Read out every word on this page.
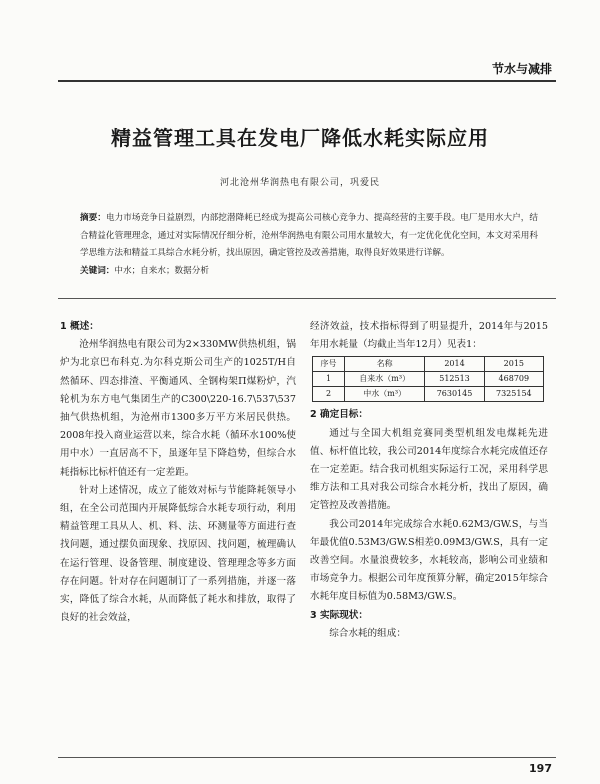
节水与减排
精益管理工具在发电厂降低水耗实际应用
河北沧州华润热电有限公司，巩爱民
摘要：电力市场竞争日益剧烈，内部挖潜降耗已经成为提高公司核心竞争力、提高经营的主要手段。电厂是用水大户，结合精益化管理理念，通过对实际情况仔细分析，沧州华润热电有限公司用水量较大，有一定优化优化空间，本文对采用科学思维方法和精益工具综合水耗分析，找出原因，确定管控及改善措施，取得良好效果进行详解。
关键词：中水；自来水；数据分析

1 概述：

沧州华润热电有限公司为2×330MW供热机组，锅炉为北京巴布科克.为尔科克斯公司生产的1025T/H自然循环、四态排渣、平衡通风、全钢构架Π煤粉炉，汽轮机为东方电气集团生产的C300\220-16.7\537\537抽气供热机组，为沧州市1300多万平方米居民供热。2008年投入商业运营以来，综合水耗（循环水100%使用中水）一直居高不下，虽逐年呈下降趋势，但综合水耗指标比标杆值还有一定差距。

针对上述情况，成立了能效对标与节能降耗领导小组，在全公司范围内开展降低综合水耗专项行动，利用精益管理工具从人、机、料、法、环测量等方面进行查找问题，通过摆负面现象、找原因、找问题，梳理确认在运行管理、设备管理、制度建设、管理理念等多方面存在问题。针对存在问题制订了一系列措施，并逐一落实，降低了综合水耗，从而降低了耗水和排放，取得了良好的社会效益，

经济效益，技术指标得到了明显提升，2014年与2015年用水耗量（均截止当年12月）见表1：

序号	名称	2014	2015
1	自来水（m³）	512513	468709
2	中水（m³）	7630145	7325154

2 确定目标：

通过与全国大机组竞赛同类型机组发电煤耗先进值、标杆值比较，我公司2014年度综合水耗完成值还存在一定差距。结合我司机组实际运行工况，采用科学思维方法和工具对我公司综合水耗分析，找出了原因，确定管控及改善措施。

我公司2014年完成综合水耗0.62M3/GW.S，与当年最优值0.53M3/GW.S相差0.09M3/GW.S，具有一定改善空间。水量浪费较多，水耗较高，影响公司业绩和市场竞争力。根据公司年度预算分解，确定2015年综合水耗年度目标值为0.58M3/GW.S。

3 实际现状：

综合水耗的组成：

197
